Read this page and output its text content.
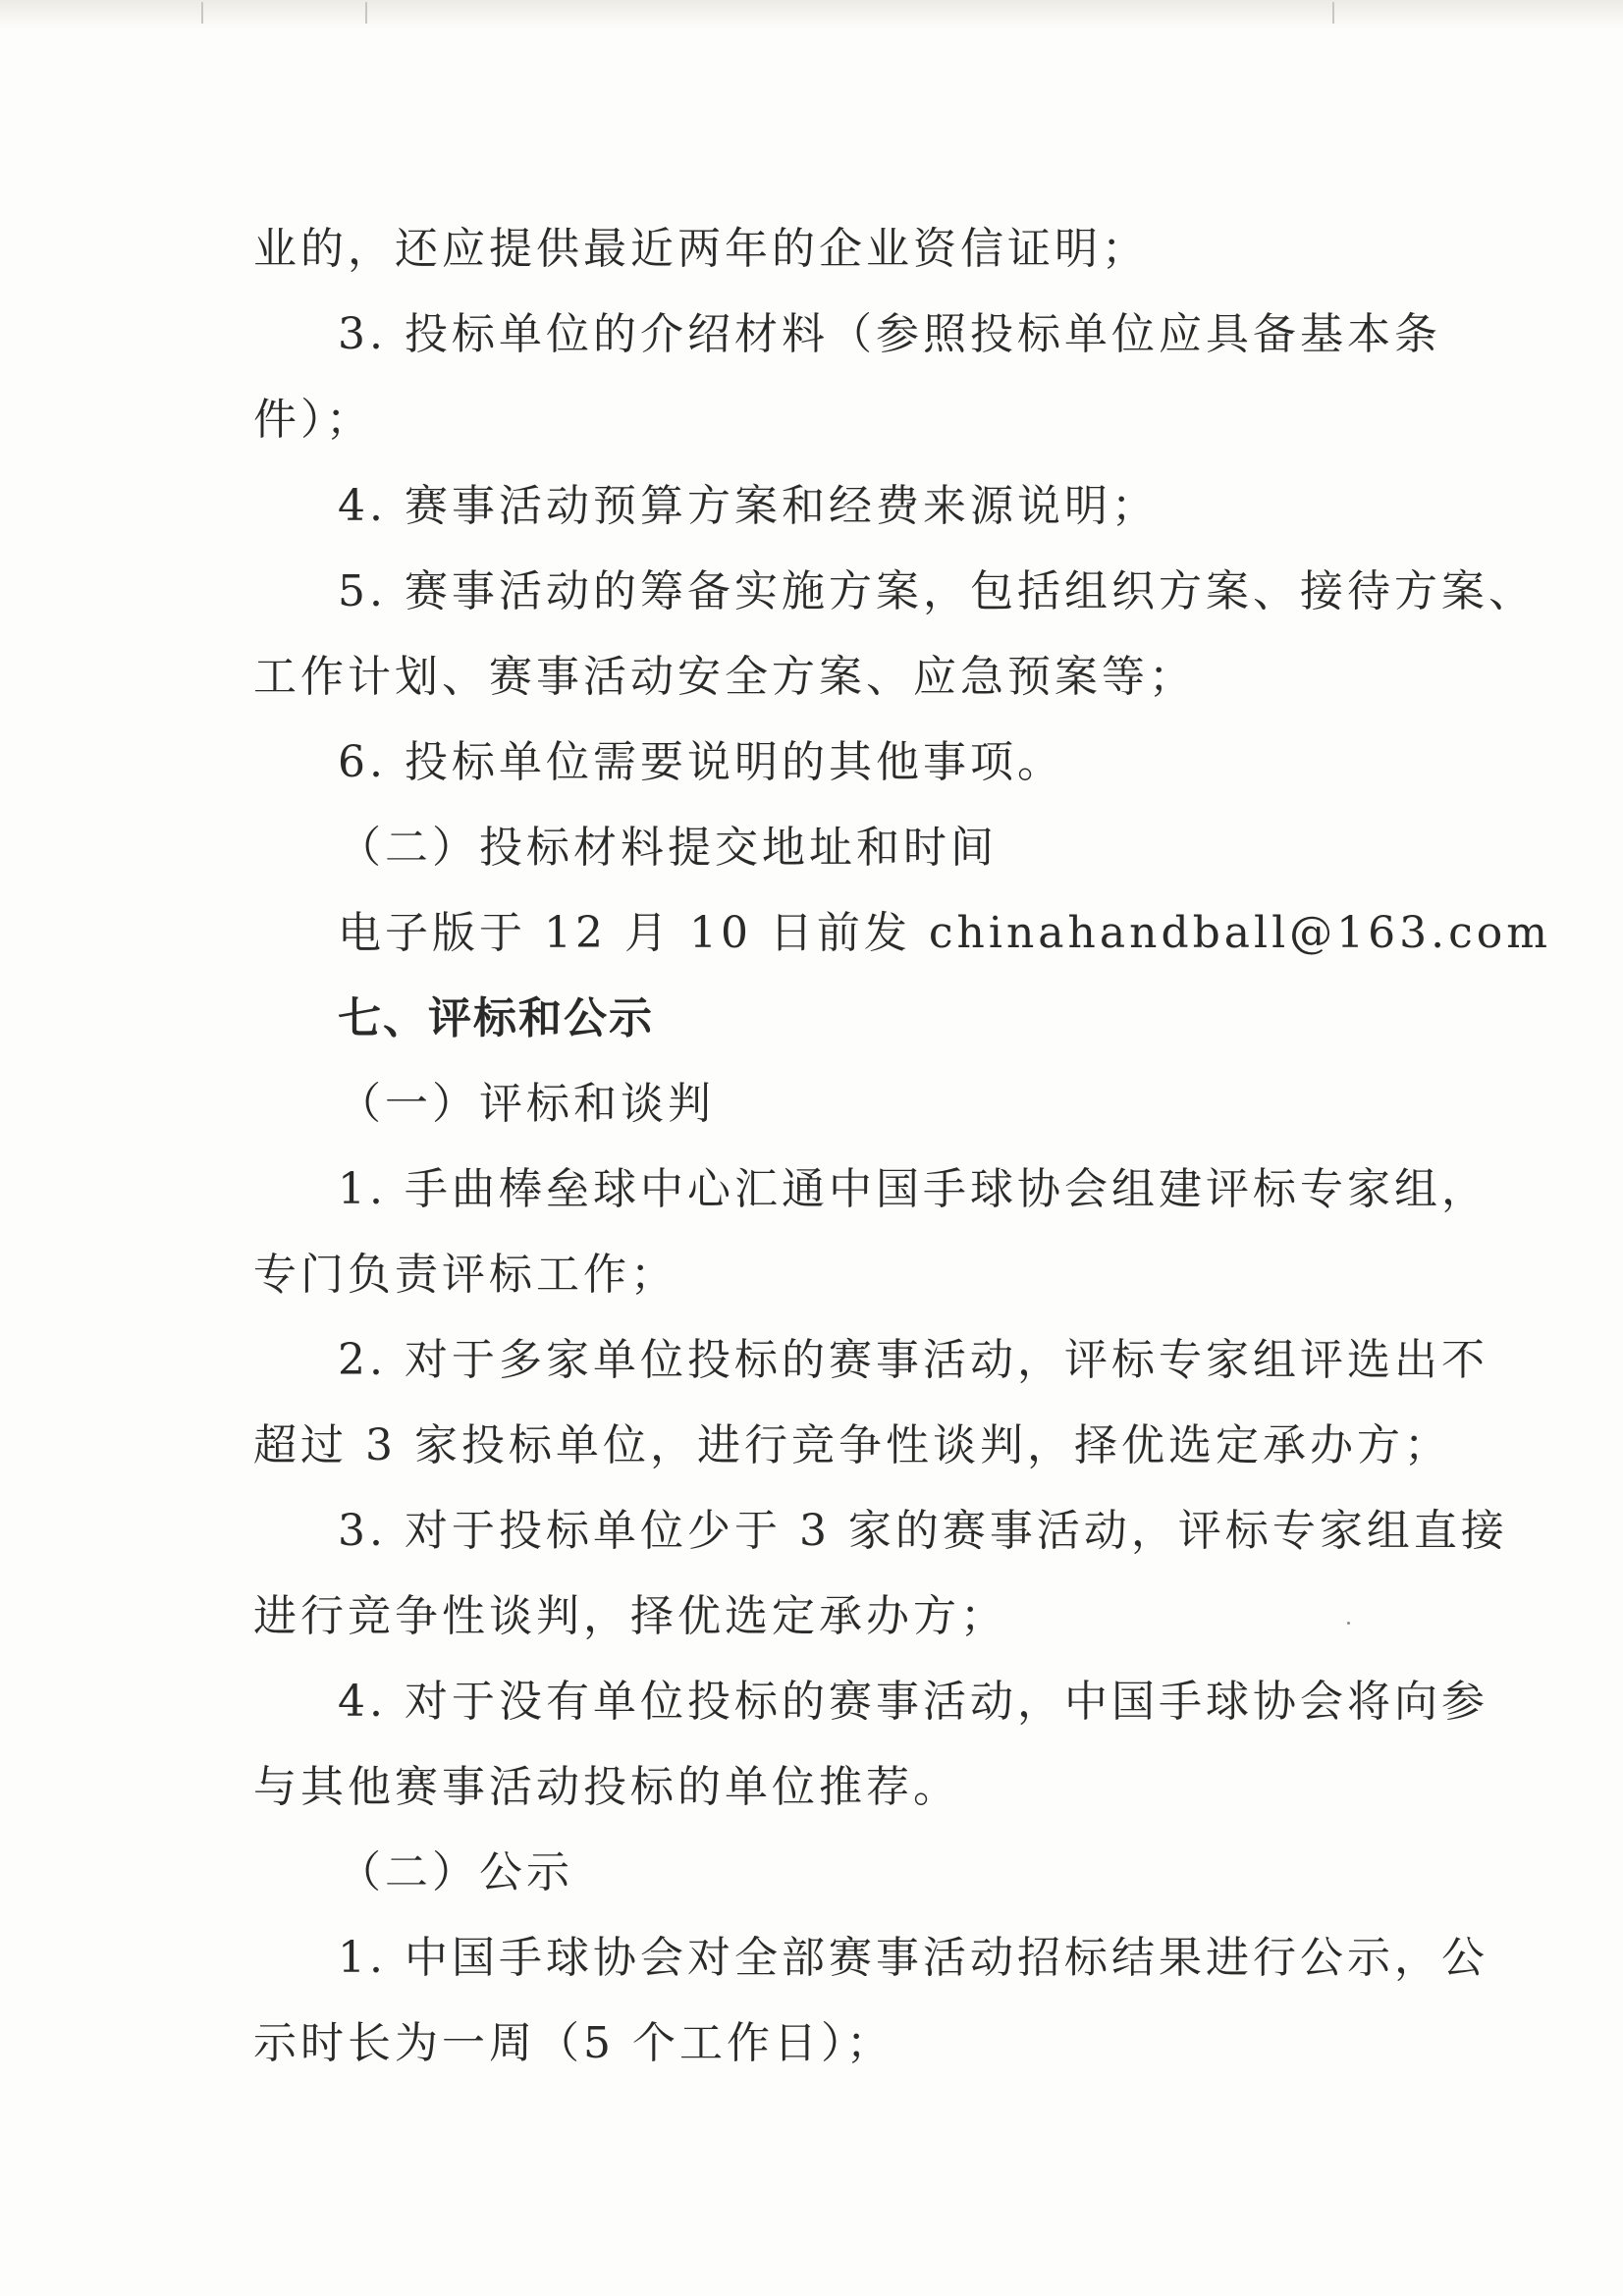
业的，还应提供最近两年的企业资信证明；
3. 投标单位的介绍材料（参照投标单位应具备基本条
件）；
4. 赛事活动预算方案和经费来源说明；
5. 赛事活动的筹备实施方案，包括组织方案、接待方案、
工作计划、赛事活动安全方案、应急预案等；
6. 投标单位需要说明的其他事项。
（二）投标材料提交地址和时间
电子版于 12 月 10 日前发 chinahandball@163.com
七、评标和公示
（一）评标和谈判
1. 手曲棒垒球中心汇通中国手球协会组建评标专家组，
专门负责评标工作；
2. 对于多家单位投标的赛事活动，评标专家组评选出不
超过 3 家投标单位，进行竞争性谈判，择优选定承办方；
3. 对于投标单位少于 3 家的赛事活动，评标专家组直接
进行竞争性谈判，择优选定承办方；
4. 对于没有单位投标的赛事活动，中国手球协会将向参
与其他赛事活动投标的单位推荐。
（二）公示
1. 中国手球协会对全部赛事活动招标结果进行公示，公
示时长为一周（5 个工作日）；
